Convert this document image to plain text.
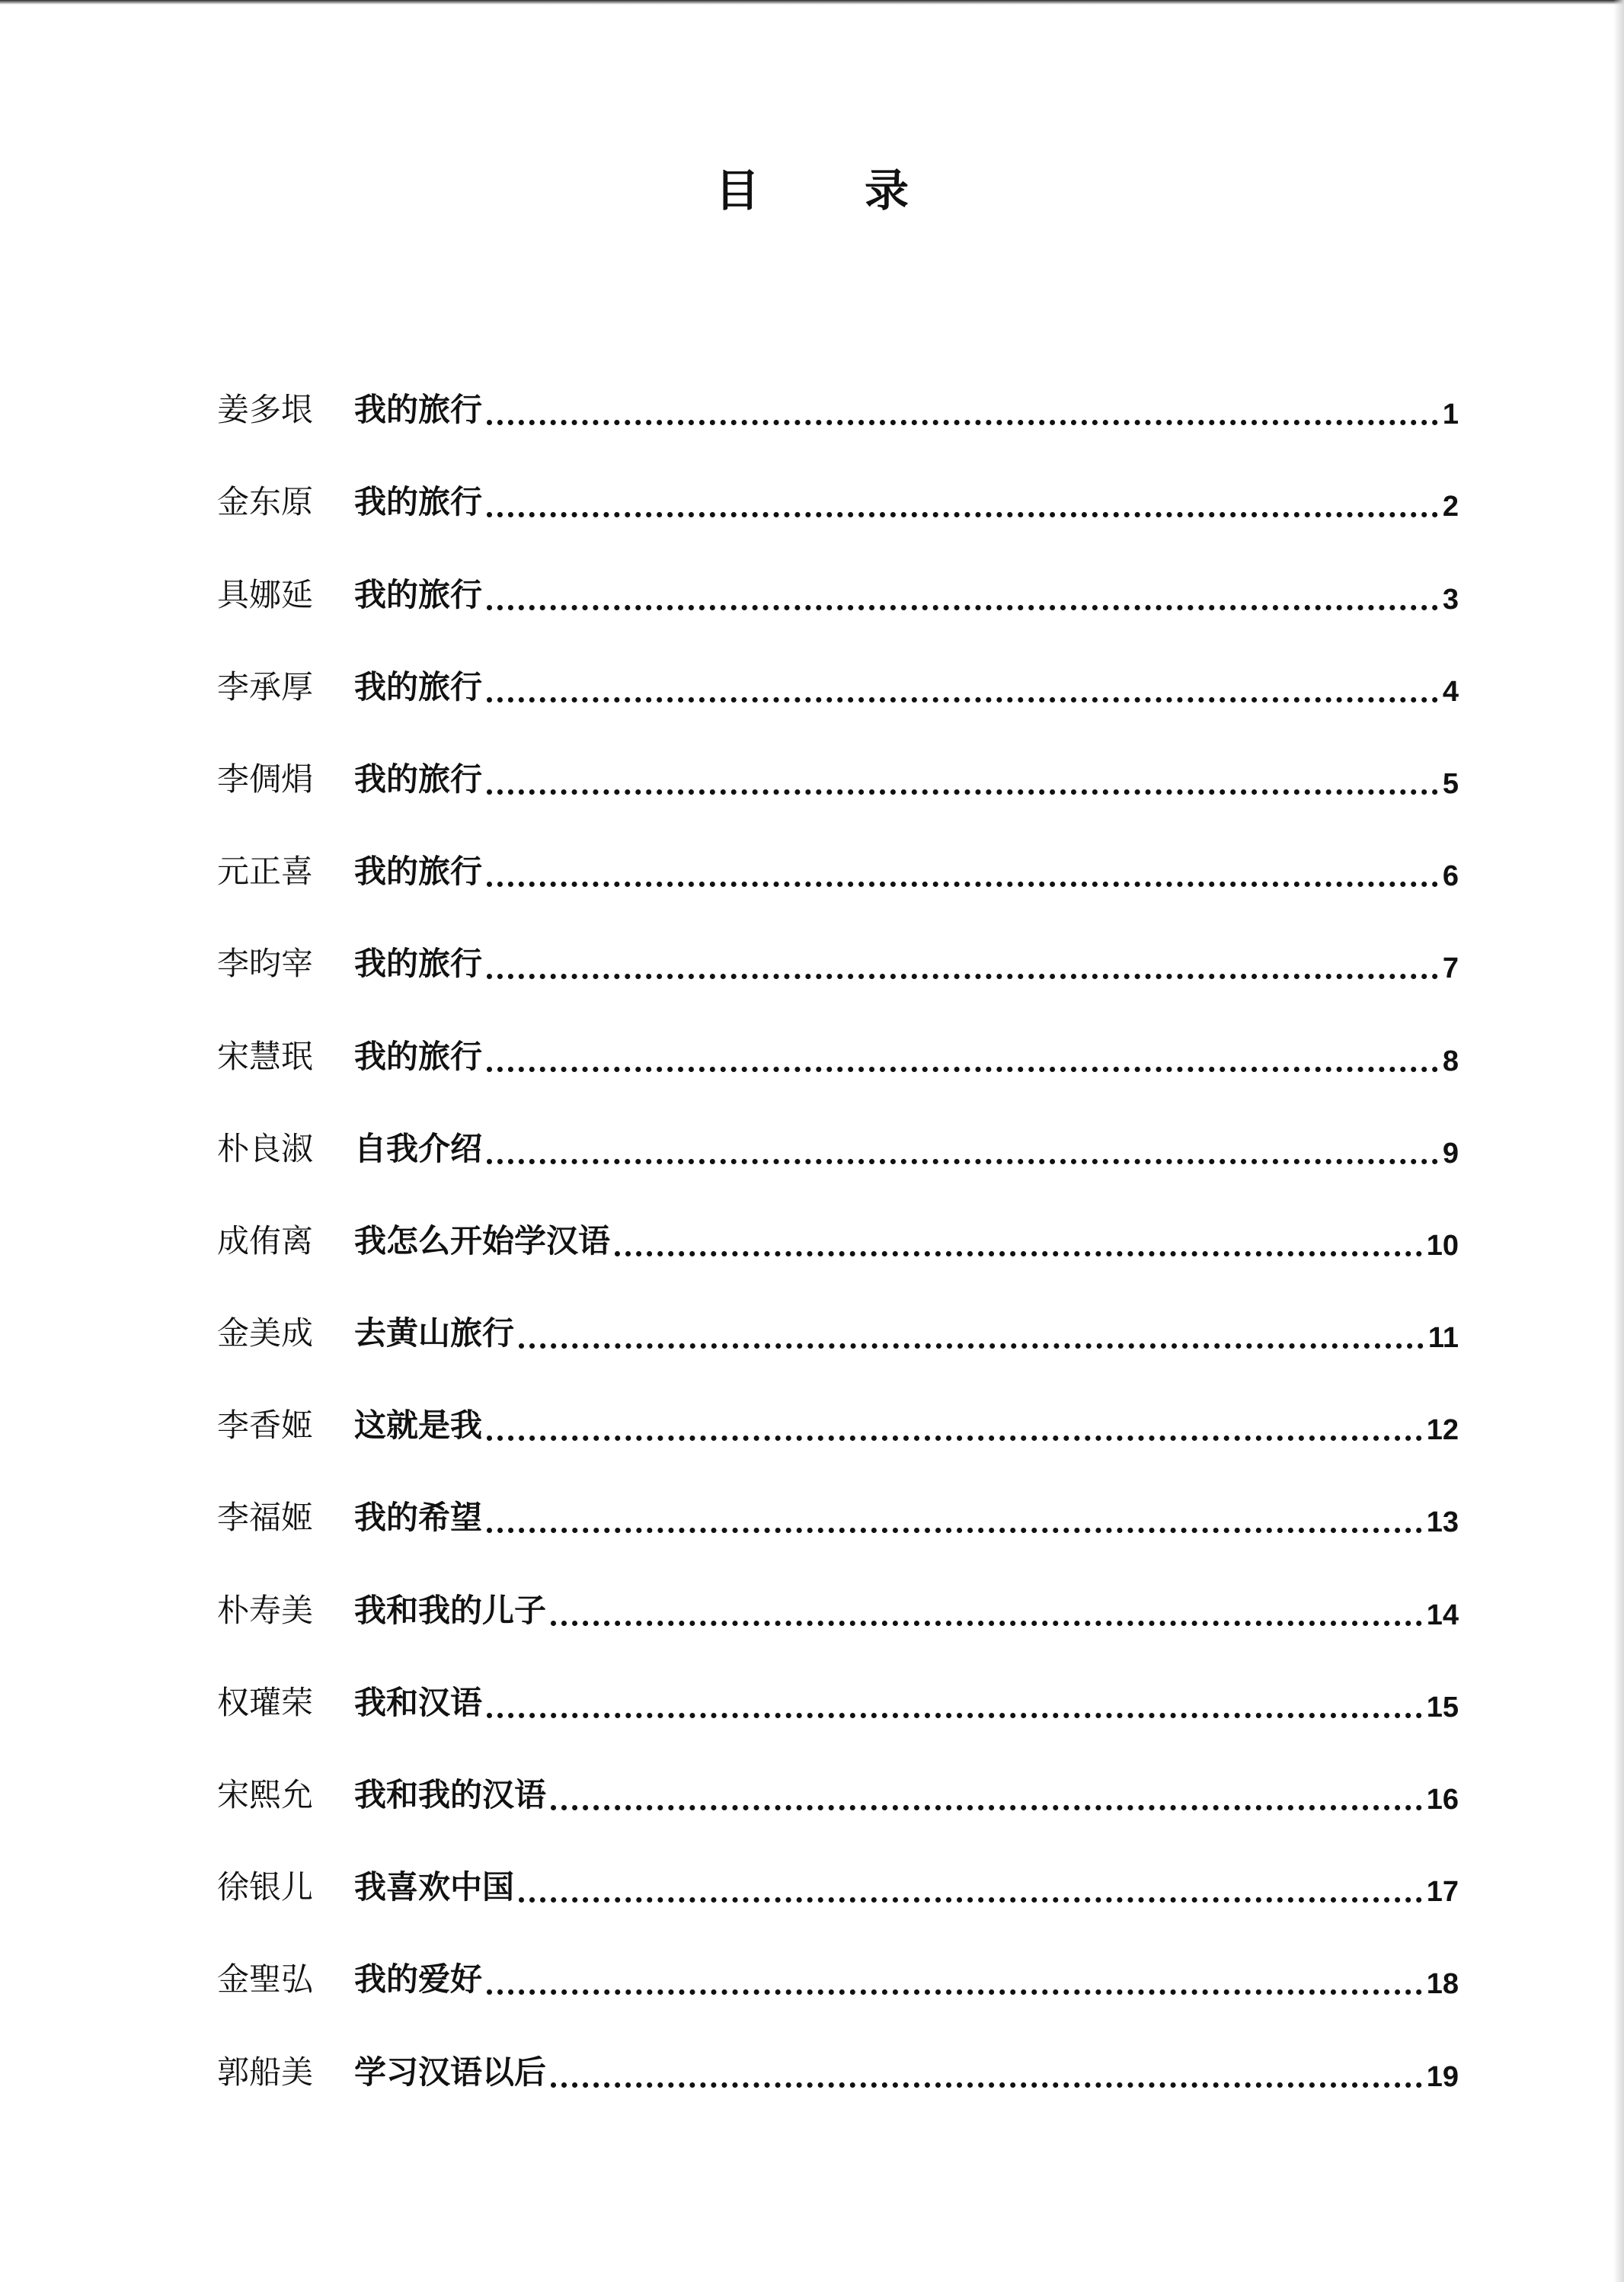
目　录
姜多垠	我的旅行	1
金东原	我的旅行	2
具娜延	我的旅行	3
李承厚	我的旅行	4
李倜焆	我的旅行	5
元正喜	我的旅行	6
李昀宰	我的旅行	7
宋慧珉	我的旅行	8
朴良淑	自我介绍	9
成侑离	我怎么开始学汉语	10
金美成	去黄山旅行	11
李香姬	这就是我	12
李福姬	我的希望	13
朴寿美	我和我的儿子	14
权瓘荣	我和汉语	15
宋熙允	我和我的汉语	16
徐银儿	我喜欢中国	17
金聖弘	我的爱好	18
郭船美	学习汉语以后	19
